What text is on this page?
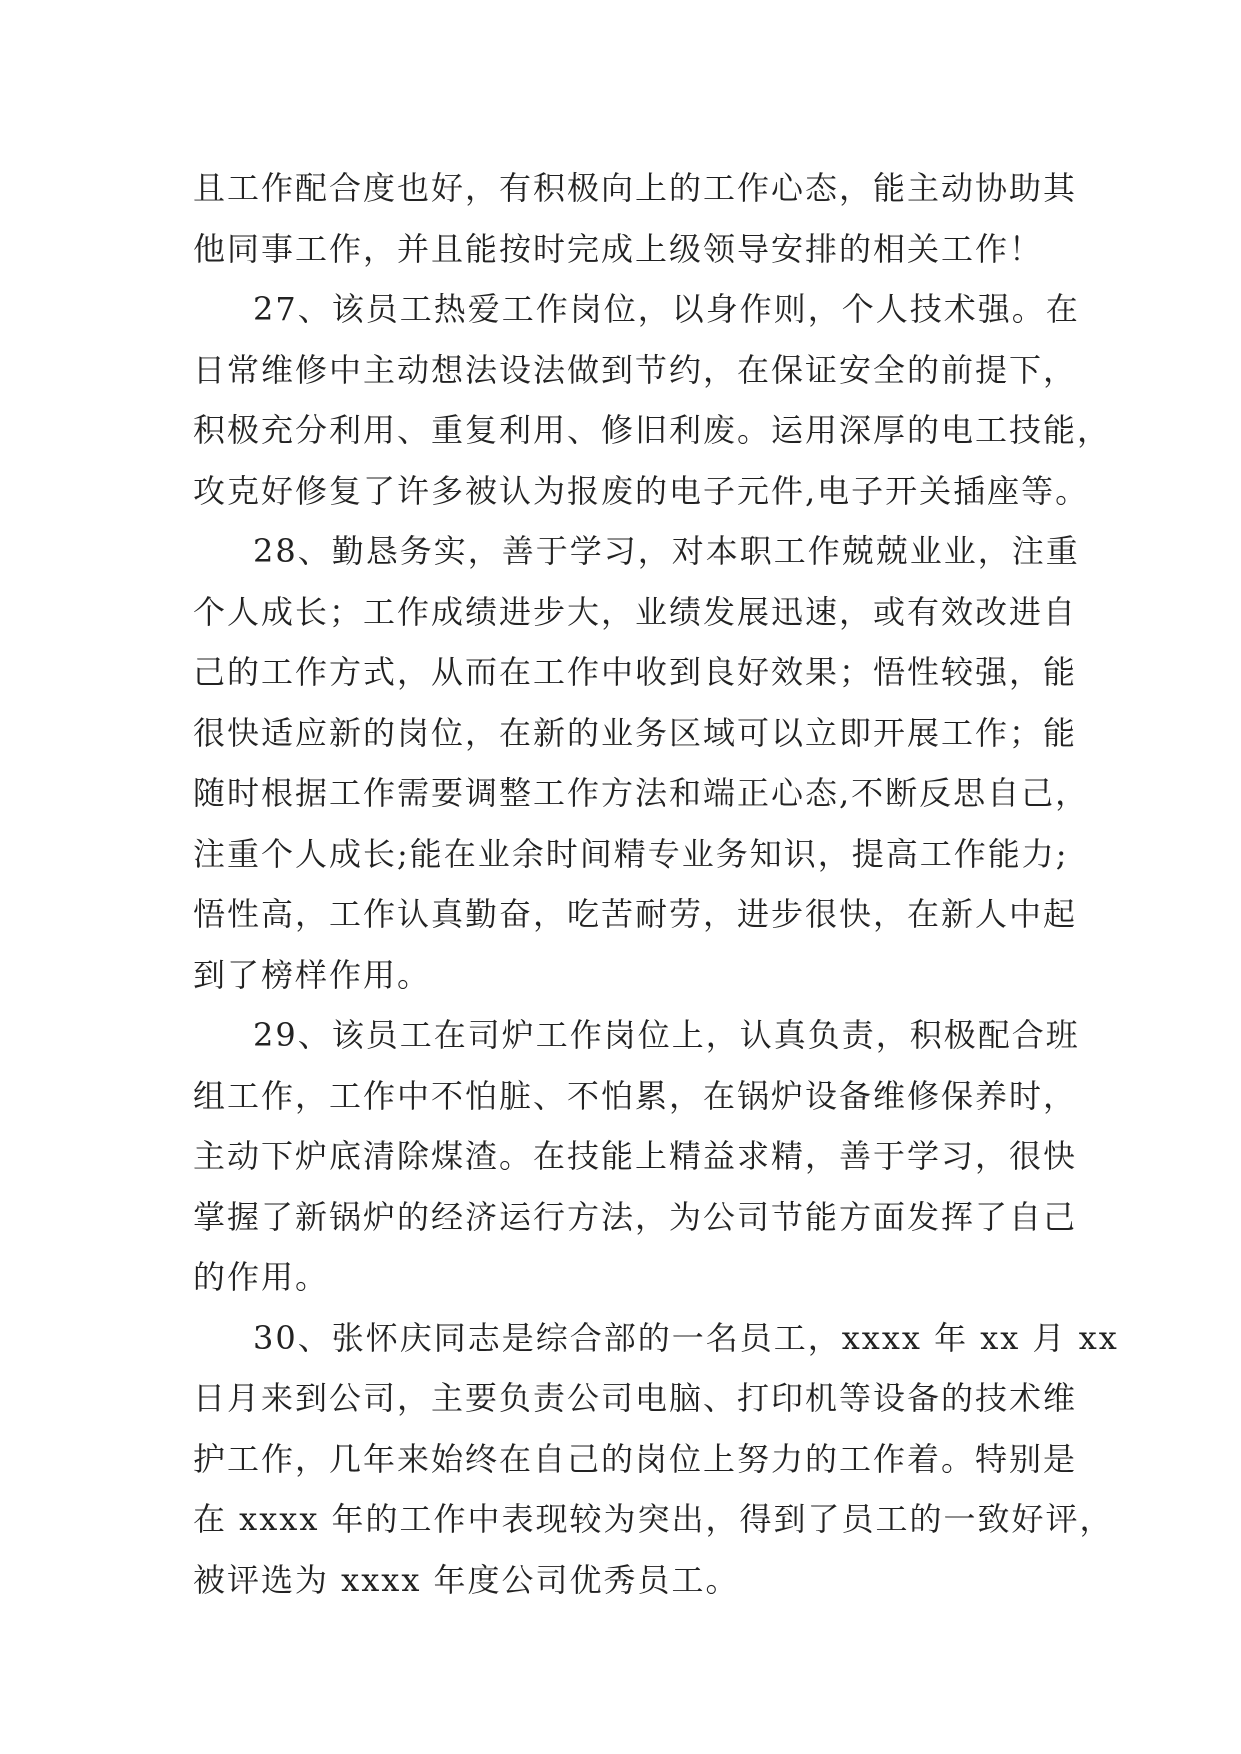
且工作配合度也好，有积极向上的工作心态，能主动协助其
他同事工作，并且能按时完成上级领导安排的相关工作！
27、该员工热爱工作岗位，以身作则，个人技术强。在
日常维修中主动想法设法做到节约，在保证安全的前提下，
积极充分利用、重复利用、修旧利废。运用深厚的电工技能，
攻克好修复了许多被认为报废的电子元件,电子开关插座等。
28、勤恳务实，善于学习，对本职工作兢兢业业，注重
个人成长；工作成绩进步大，业绩发展迅速，或有效改进自
己的工作方式，从而在工作中收到良好效果；悟性较强，能
很快适应新的岗位，在新的业务区域可以立即开展工作；能
随时根据工作需要调整工作方法和端正心态,不断反思自己，
注重个人成长;能在业余时间精专业务知识，提高工作能力;
悟性高，工作认真勤奋，吃苦耐劳，进步很快，在新人中起
到了榜样作用。
29、该员工在司炉工作岗位上，认真负责，积极配合班
组工作，工作中不怕脏、不怕累，在锅炉设备维修保养时，
主动下炉底清除煤渣。在技能上精益求精，善于学习，很快
掌握了新锅炉的经济运行方法，为公司节能方面发挥了自己
的作用。
30、张怀庆同志是综合部的一名员工，xxxx 年 xx 月 xx
日月来到公司，主要负责公司电脑、打印机等设备的技术维
护工作，几年来始终在自己的岗位上努力的工作着。特别是
在 xxxx 年的工作中表现较为突出，得到了员工的一致好评，
被评选为 xxxx 年度公司优秀员工。
